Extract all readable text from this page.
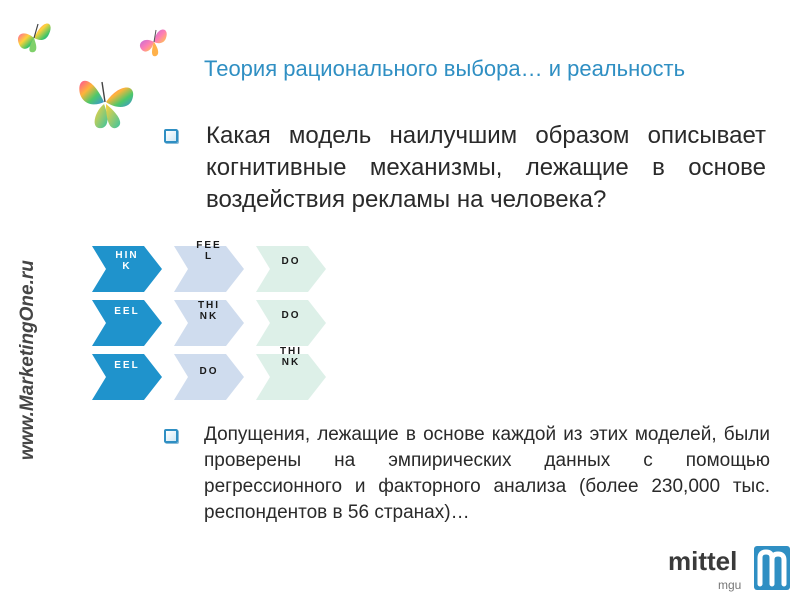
Теория рационального выбора… и реальность
www.MarketingOne.ru
Какая модель наилучшим образом описывает когнитивные механизмы, лежащие в основе воздействия рекламы на человека?
HINK
FEEL	DO
EEL
THINK	DO
EEL
DO
THINK
Допущения, лежащие в основе каждой из этих моделей, были проверены на эмпирических данных с помощью регрессионного и факторного анализа (более 230,000 тыс. респондентов в 56 странах)…
mittel
mgu
